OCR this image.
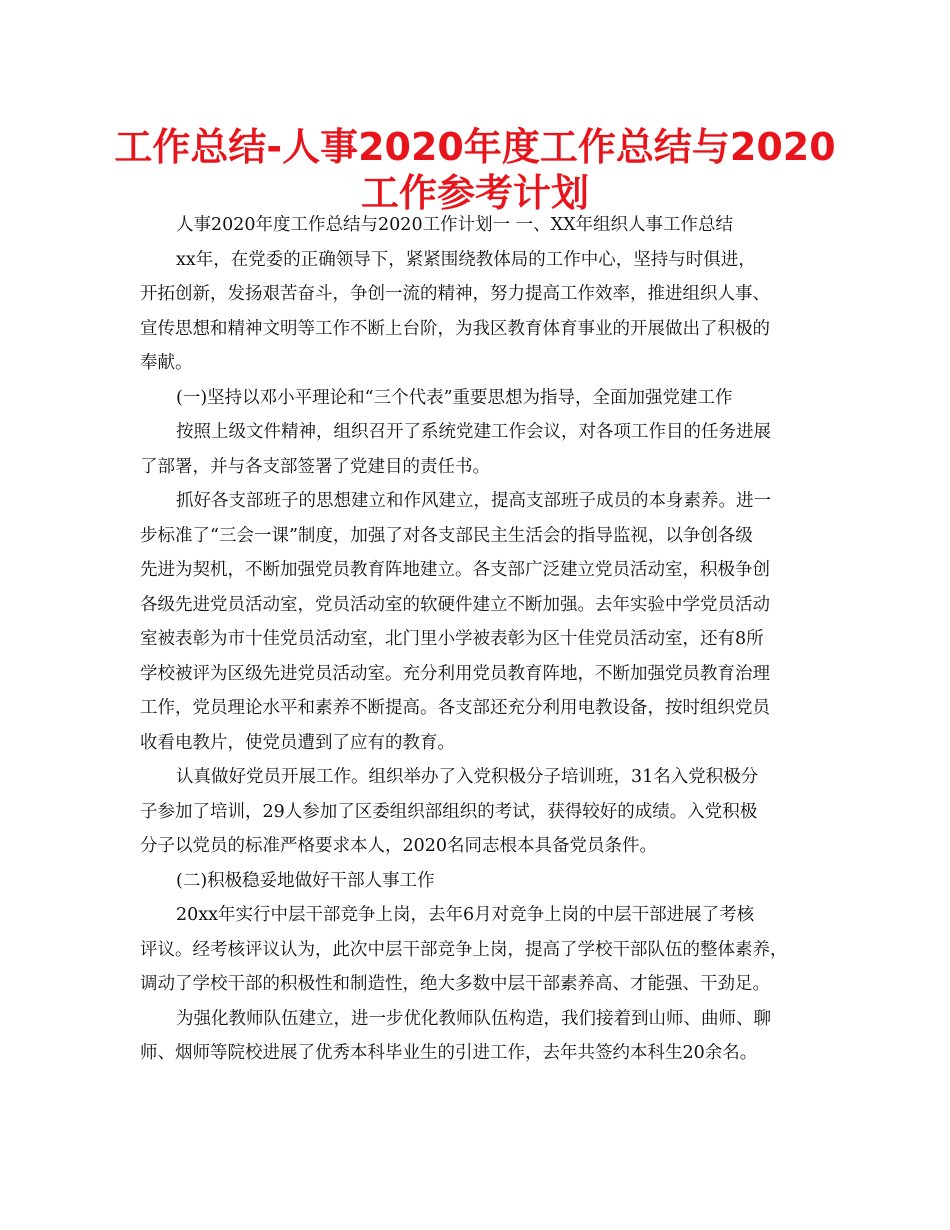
工作总结-人事2020年度工作总结与2020
工作参考计划
人事2020年度工作总结与2020工作计划一 一、XX年组织人事工作总结
xx年，在党委的正确领导下，紧紧围绕教体局的工作中心，坚持与时俱进，
开拓创新，发扬艰苦奋斗，争创一流的精神，努力提高工作效率，推进组织人事、
宣传思想和精神文明等工作不断上台阶，为我区教育体育事业的开展做出了积极的
奉献。
(一)坚持以邓小平理论和“三个代表”重要思想为指导，全面加强党建工作
按照上级文件精神，组织召开了系统党建工作会议，对各项工作目的任务进展
了部署，并与各支部签署了党建目的责任书。
抓好各支部班子的思想建立和作风建立，提高支部班子成员的本身素养。进一
步标准了“三会一课”制度，加强了对各支部民主生活会的指导监视，以争创各级
先进为契机，不断加强党员教育阵地建立。各支部广泛建立党员活动室，积极争创
各级先进党员活动室，党员活动室的软硬件建立不断加强。去年实验中学党员活动
室被表彰为市十佳党员活动室，北门里小学被表彰为区十佳党员活动室，还有8所
学校被评为区级先进党员活动室。充分利用党员教育阵地，不断加强党员教育治理
工作，党员理论水平和素养不断提高。各支部还充分利用电教设备，按时组织党员
收看电教片，使党员遭到了应有的教育。
认真做好党员开展工作。组织举办了入党积极分子培训班，31名入党积极分
子参加了培训，29人参加了区委组织部组织的考试，获得较好的成绩。入党积极
分子以党员的标准严格要求本人，2020名同志根本具备党员条件。
(二)积极稳妥地做好干部人事工作
20xx年实行中层干部竞争上岗，去年6月对竞争上岗的中层干部进展了考核
评议。经考核评议认为，此次中层干部竞争上岗，提高了学校干部队伍的整体素养，
调动了学校干部的积极性和制造性，绝大多数中层干部素养高、才能强、干劲足。
为强化教师队伍建立，进一步优化教师队伍构造，我们接着到山师、曲师、聊
师、烟师等院校进展了优秀本科毕业生的引进工作，去年共签约本科生20余名。
